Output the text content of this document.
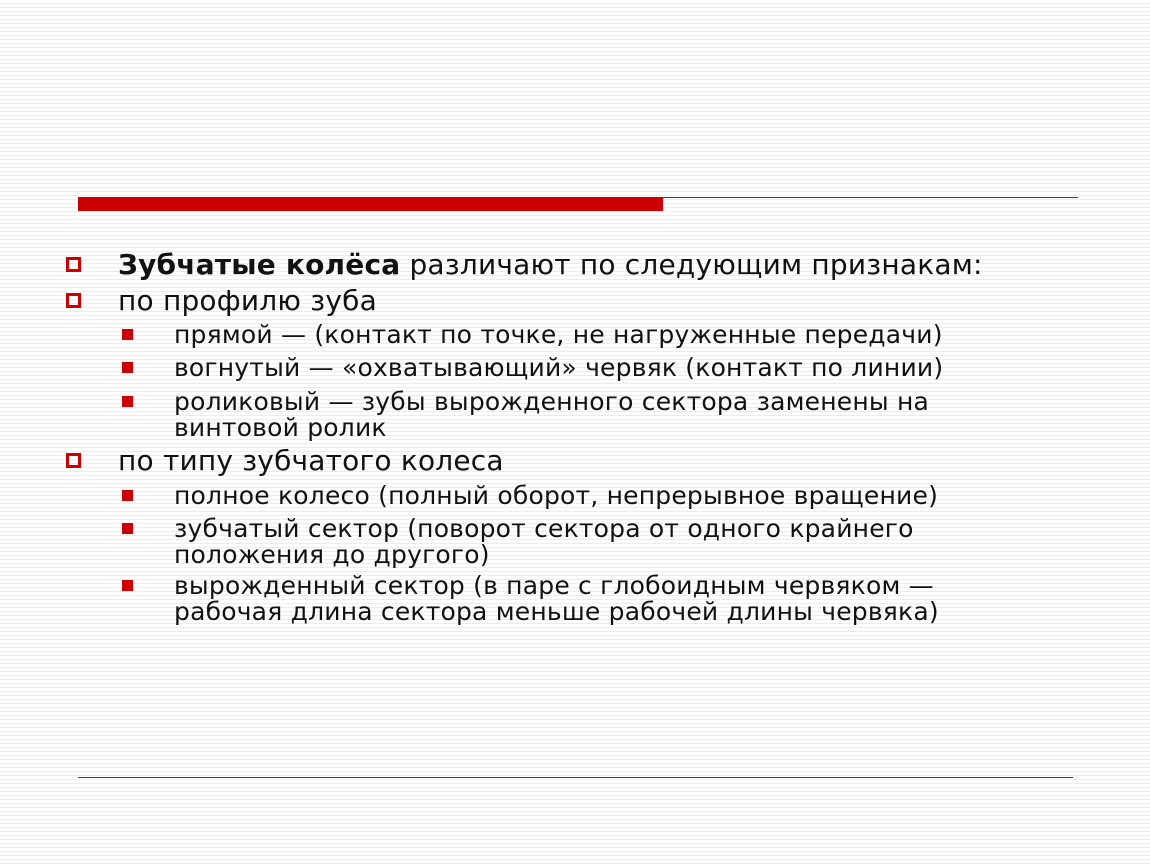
Зубчатые колёса различают по следующим признакам:
по профилю зуба
прямой — (контакт по точке, не нагруженные передачи)
вогнутый — «охватывающий» червяк (контакт по линии)
роликовый — зубы вырожденного сектора заменены на винтовой ролик
по типу зубчатого колеса
полное колесо (полный оборот, непрерывное вращение)
зубчатый сектор (поворот сектора от одного крайнего положения до другого)
вырожденный сектор (в паре с глобоидным червяком — рабочая длина сектора меньше рабочей длины червяка)
